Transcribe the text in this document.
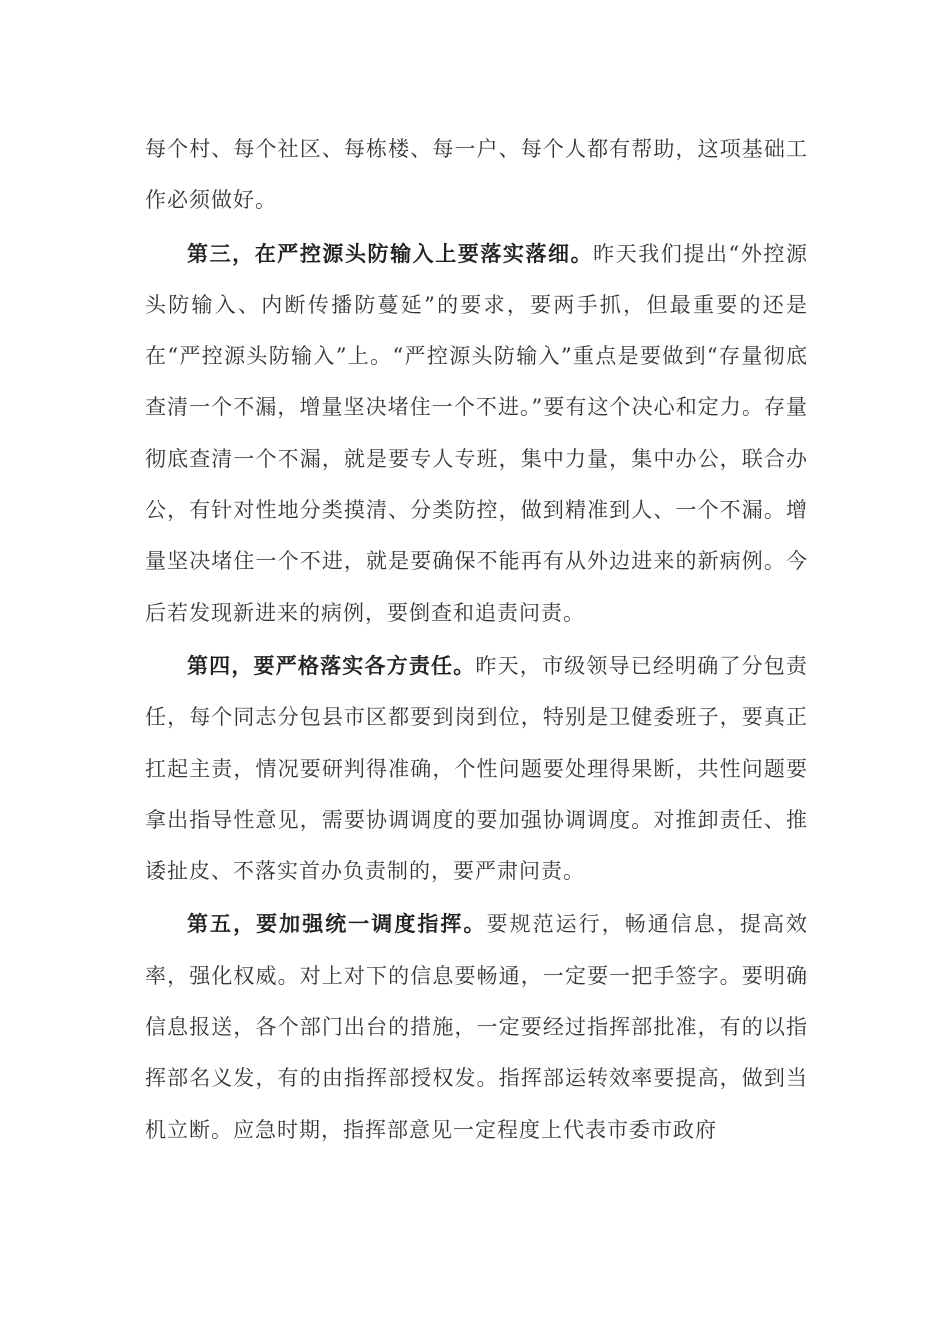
每个村、每个社区、每栋楼、每一户、每个人都有帮助，这项基础工作必须做好。

第三，在严控源头防输入上要落实落细。昨天我们提出“外控源头防输入、内断传播防蔓延”的要求，要两手抓，但最重要的还是在“严控源头防输入”上。“严控源头防输入”重点是要做到“存量彻底查清一个不漏，增量坚决堵住一个不进。”要有这个决心和定力。存量彻底查清一个不漏，就是要专人专班，集中力量，集中办公，联合办公，有针对性地分类摸清、分类防控，做到精准到人、一个不漏。增量坚决堵住一个不进，就是要确保不能再有从外边进来的新病例。今后若发现新进来的病例，要倒查和追责问责。

第四，要严格落实各方责任。昨天，市级领导已经明确了分包责任，每个同志分包县市区都要到岗到位，特别是卫健委班子，要真正扛起主责，情况要研判得准确，个性问题要处理得果断，共性问题要拿出指导性意见，需要协调调度的要加强协调调度。对推卸责任、推诿扯皮、不落实首办负责制的，要严肃问责。

第五，要加强统一调度指挥。要规范运行，畅通信息，提高效率，强化权威。对上对下的信息要畅通，一定要一把手签字。要明确信息报送，各个部门出台的措施，一定要经过指挥部批准，有的以指挥部名义发，有的由指挥部授权发。指挥部运转效率要提高，做到当机立断。应急时期，指挥部意见一定程度上代表市委市政府
